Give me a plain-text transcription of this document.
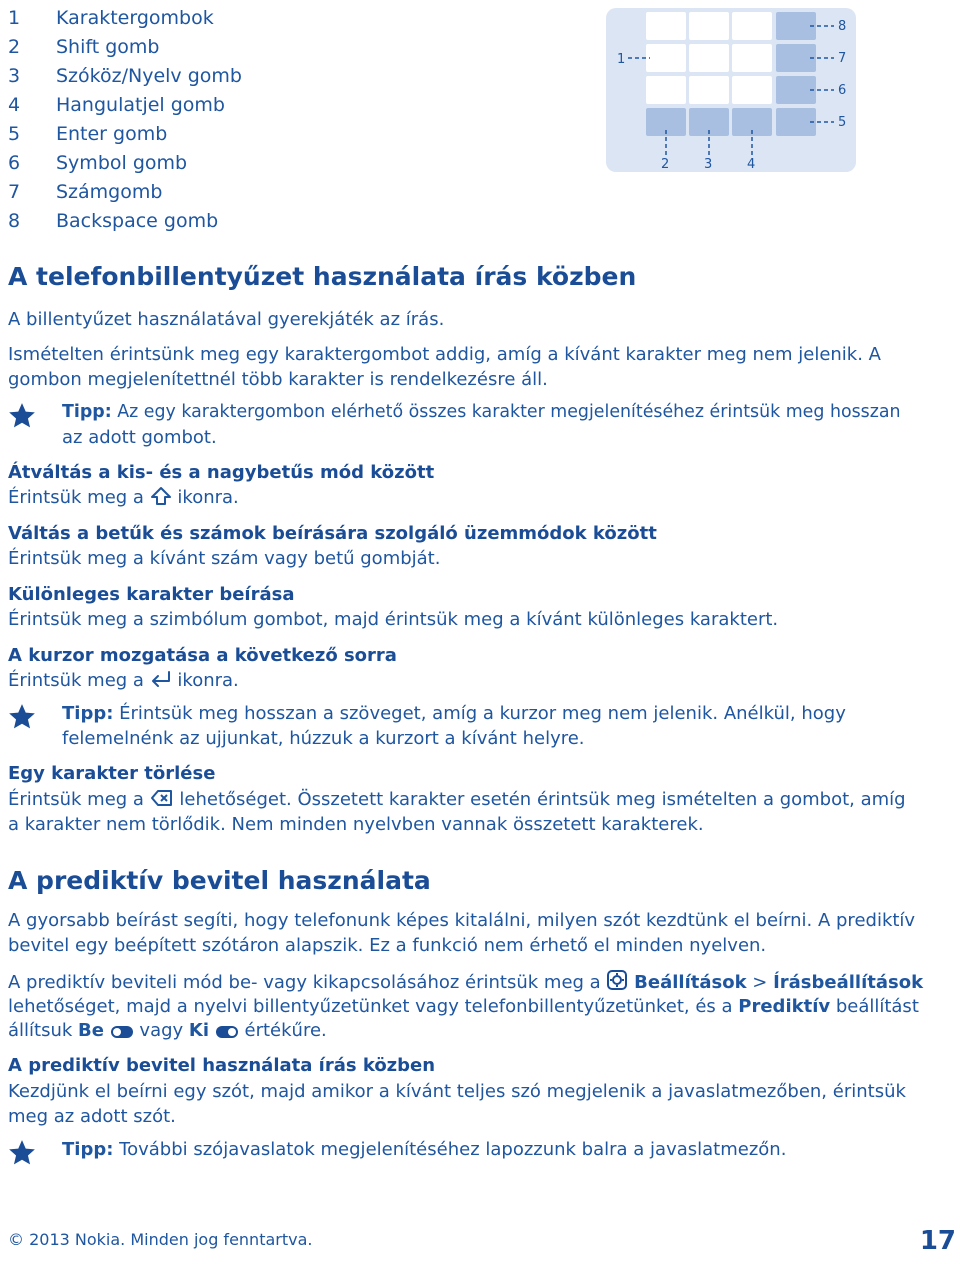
1 Karaktergombok
2 Shift gomb
3 Szóköz/Nyelv gomb
4 Hangulatjel gomb
5 Enter gomb
6 Symbol gomb
7 Számgomb
8 Backspace gomb
1
2	3	4
5
6
7
8
A telefonbillentyűzet használata írás közben
A billentyűzet használatával gyerekjáték az írás.
Ismételten érintsünk meg egy karaktergombot addig, amíg a kívánt karakter meg nem jelenik. A
gombon megjelenítettnél több karakter is rendelkezésre áll.
Tipp: Az egy karaktergombon elérhető összes karakter megjelenítéséhez érintsük meg hosszan
az adott gombot.
Átváltás a kis- és a nagybetűs mód között
Érintsük meg a  ikonra.
Váltás a betűk és számok beírására szolgáló üzemmódok között
Érintsük meg a kívánt szám vagy betű gombját.
Különleges karakter beírása
Érintsük meg a szimbólum gombot, majd érintsük meg a kívánt különleges karaktert.
A kurzor mozgatása a következő sorra
Érintsük meg a  ikonra.
Tipp: Érintsük meg hosszan a szöveget, amíg a kurzor meg nem jelenik. Anélkül, hogy
felemelnénk az ujjunkat, húzzuk a kurzort a kívánt helyre.
Egy karakter törlése
Érintsük meg a  lehetőséget. Összetett karakter esetén érintsük meg ismételten a gombot, amíg
a karakter nem törlődik. Nem minden nyelvben vannak összetett karakterek.
A prediktív bevitel használata
A gyorsabb beírást segíti, hogy telefonunk képes kitalálni, milyen szót kezdtünk el beírni. A prediktív
bevitel egy beépített szótáron alapszik. Ez a funkció nem érhető el minden nyelven.
A prediktív beviteli mód be- vagy kikapcsolásához érintsük meg a  Beállítások > Írásbeállítások
lehetőséget, majd a nyelvi billentyűzetünket vagy telefonbillentyűzetünket, és a Prediktív beállítást
állítsuk Be  vagy Ki  értékűre.
A prediktív bevitel használata írás közben
Kezdjünk el beírni egy szót, majd amikor a kívánt teljes szó megjelenik a javaslatmezőben, érintsük
meg az adott szót.
Tipp: További szójavaslatok megjelenítéséhez lapozzunk balra a javaslatmezőn.
© 2013 Nokia. Minden jog fenntartva.	17
